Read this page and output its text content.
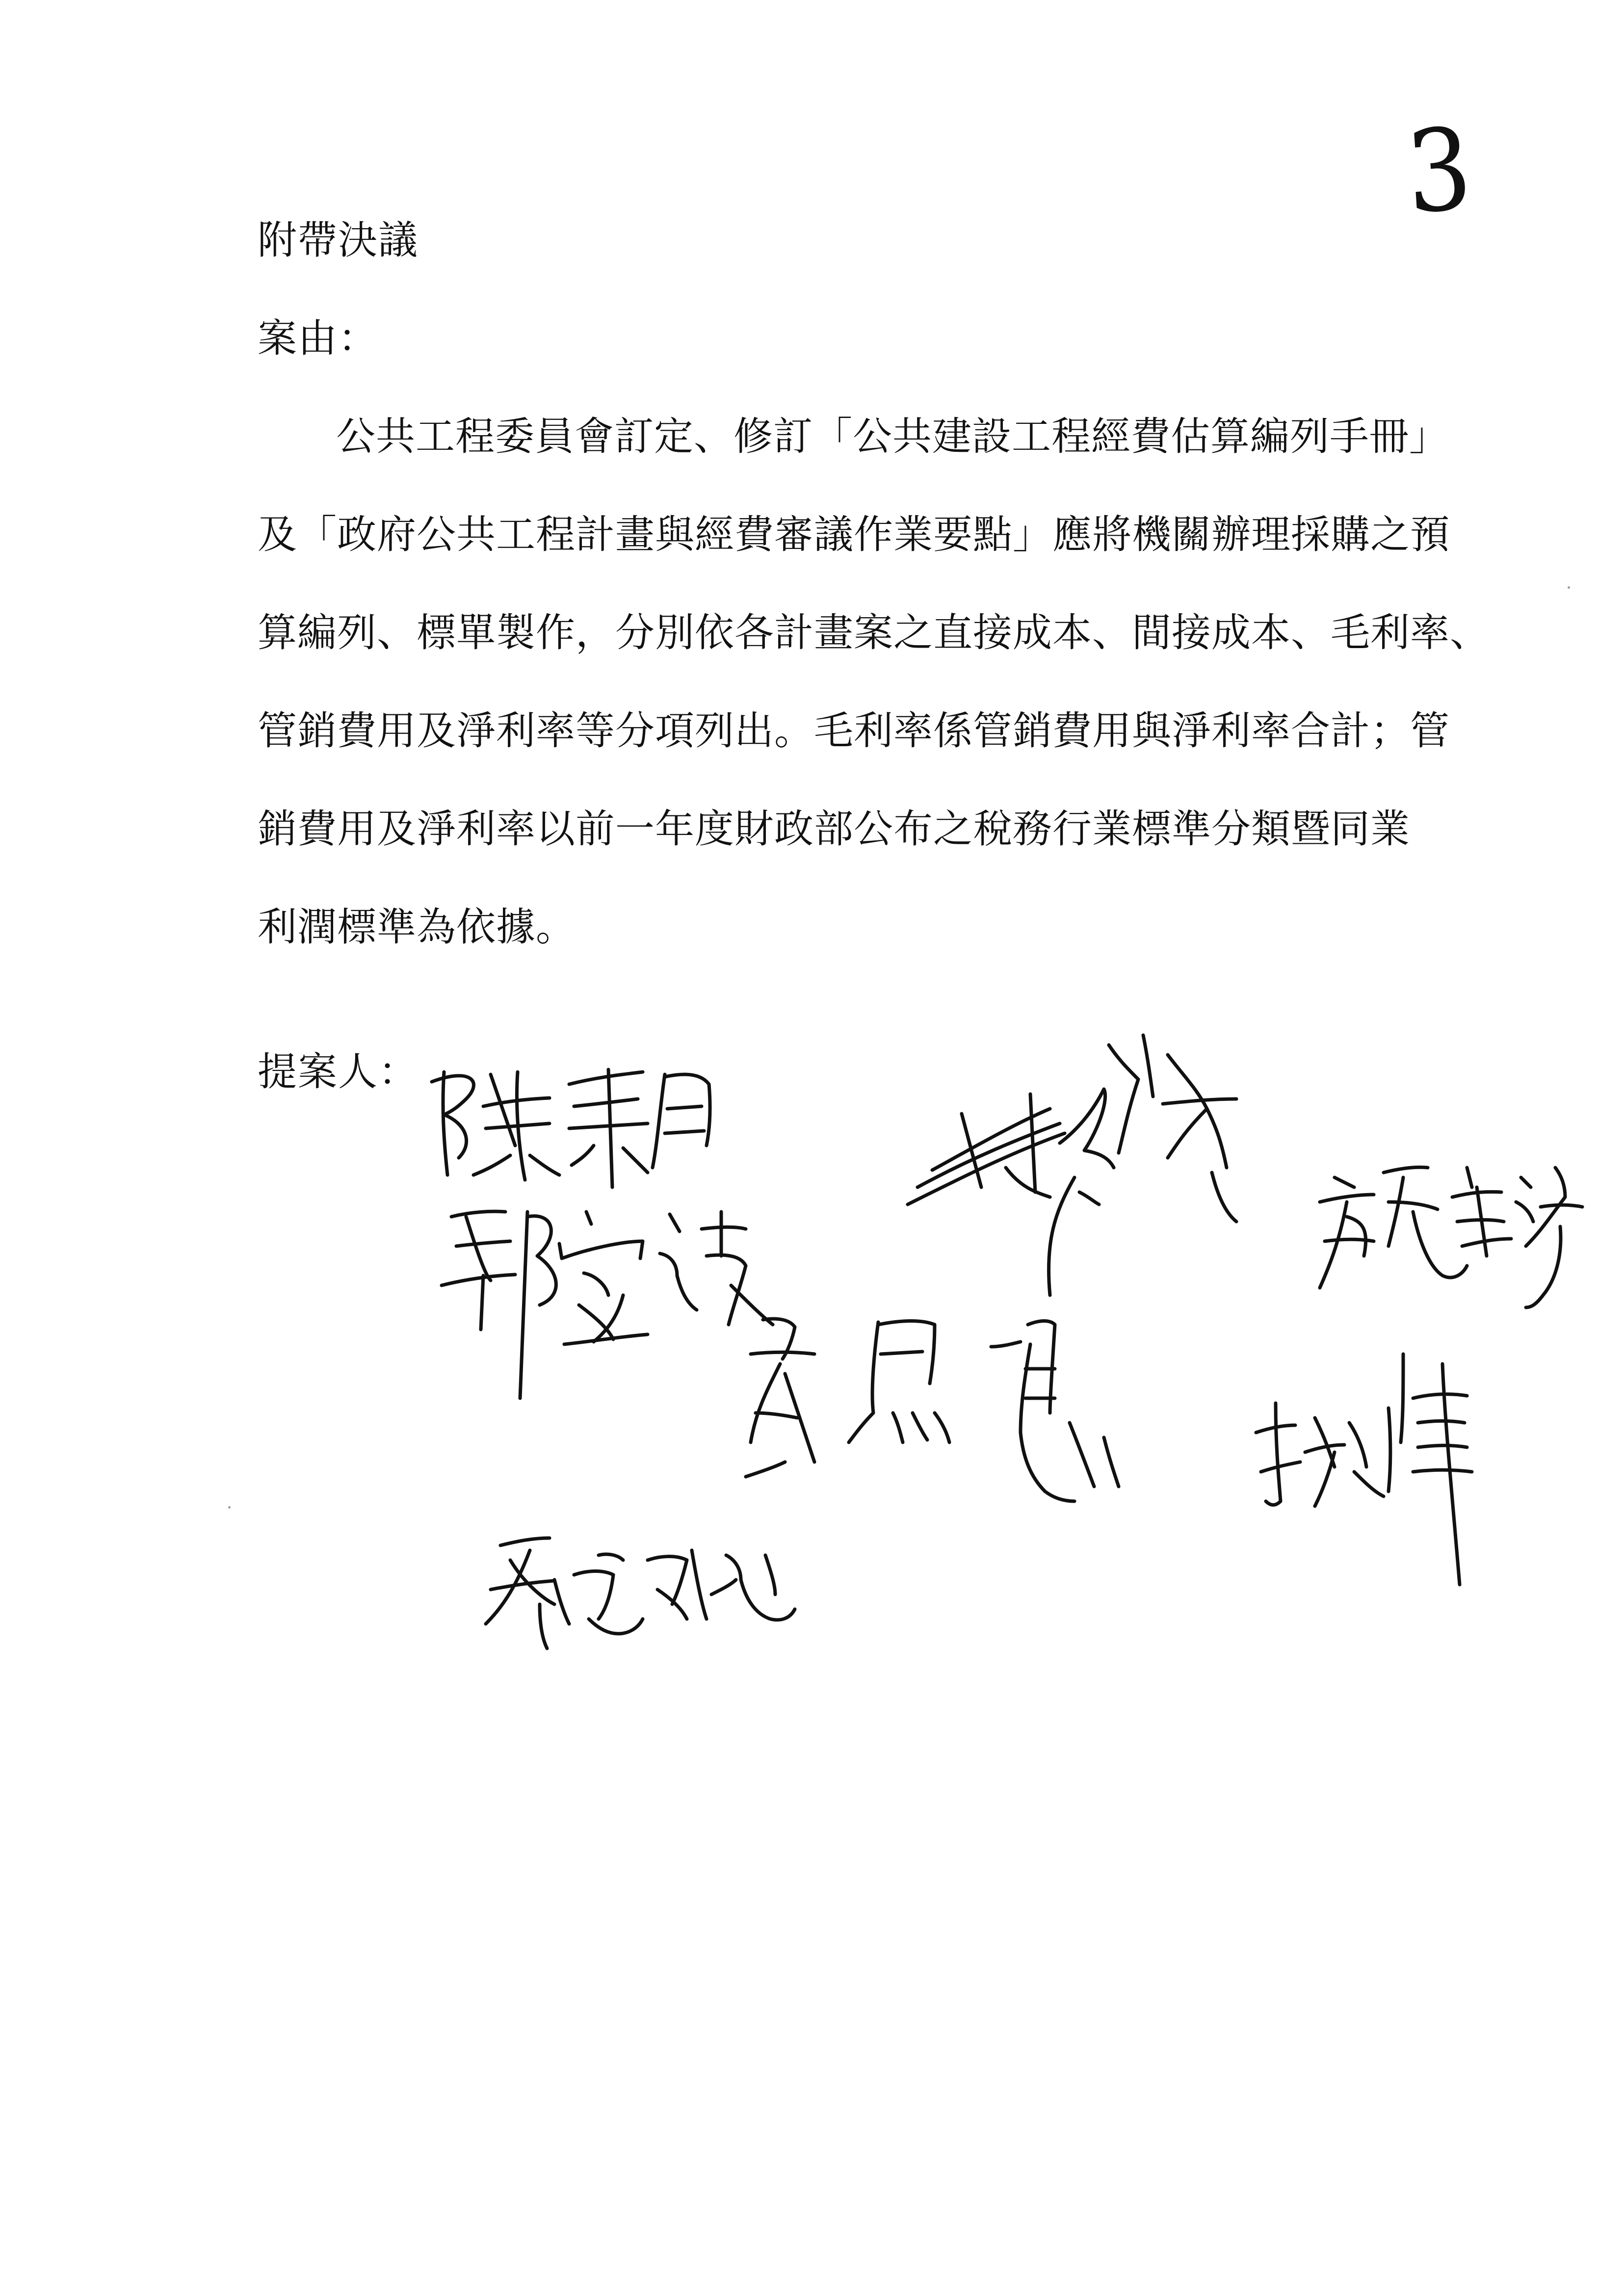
3
附帶決議
案由：
公 共 工 程 委 員 會 訂 定 、 修 訂 「 公 共 建 設 工 程 經 費 估 算 編 列 手 冊 」
及 「 政 府 公 共 工 程 計 畫 與 經 費 審 議 作 業 要 點 」 應 將 機 關 辦 理 採 購 之 預
算 編 列 、 標 單 製 作 ， 分 別 依 各 計 畫 案 之 直 接 成 本 、 間 接 成 本 、 毛 利 率 、
管 銷 費 用 及 淨 利 率 等 分 項 列 出 。 毛 利 率 係 管 銷 費 用 與 淨 利 率 合 計 ； 管
銷 費 用 及 淨 利 率 以 前 一 年 度 財 政 部 公 布 之 稅 務 行 業 標 準 分 類 暨 同 業
利潤標準為依據。
提案人：
